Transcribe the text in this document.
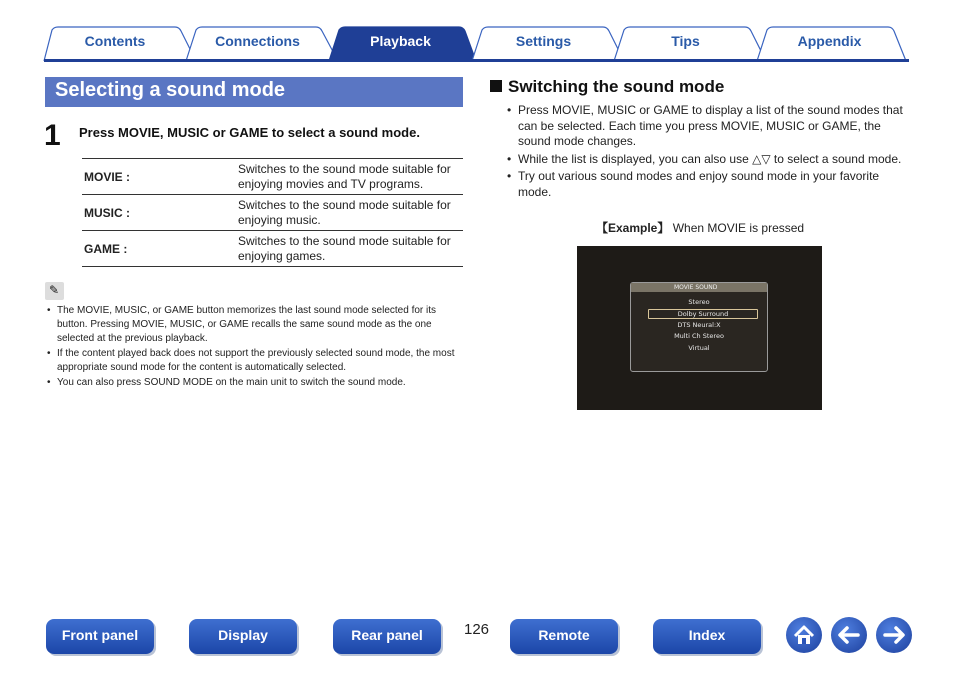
Contents	Connections	Playback	Settings	Tips	Appendix
Selecting a sound mode
1 Press MOVIE, MUSIC or GAME to select a sound mode.
MOVIE :	Switches to the sound mode suitable for enjoying movies and TV programs.
MUSIC :	Switches to the sound mode suitable for enjoying music.
GAME :	Switches to the sound mode suitable for enjoying games.
✎
• The MOVIE, MUSIC, or GAME button memorizes the last sound mode selected for its button. Pressing MOVIE, MUSIC, or GAME recalls the same sound mode as the one selected at the previous playback.
• If the content played back does not support the previously selected sound mode, the most appropriate sound mode for the content is automatically selected.
• You can also press SOUND MODE on the main unit to switch the sound mode.
Switching the sound mode
• Press MOVIE, MUSIC or GAME to display a list of the sound modes that can be selected. Each time you press MOVIE, MUSIC or GAME, the sound mode changes.
• While the list is displayed, you can also use △▽ to select a sound mode.
• Try out various sound modes and enjoy sound mode in your favorite mode.
【Example】 When MOVIE is pressed
MOVIE SOUND
Stereo
Dolby Surround
DTS Neural:X
Multi Ch Stereo
Virtual
Front panel	Display	Rear panel	126	Remote	Index
